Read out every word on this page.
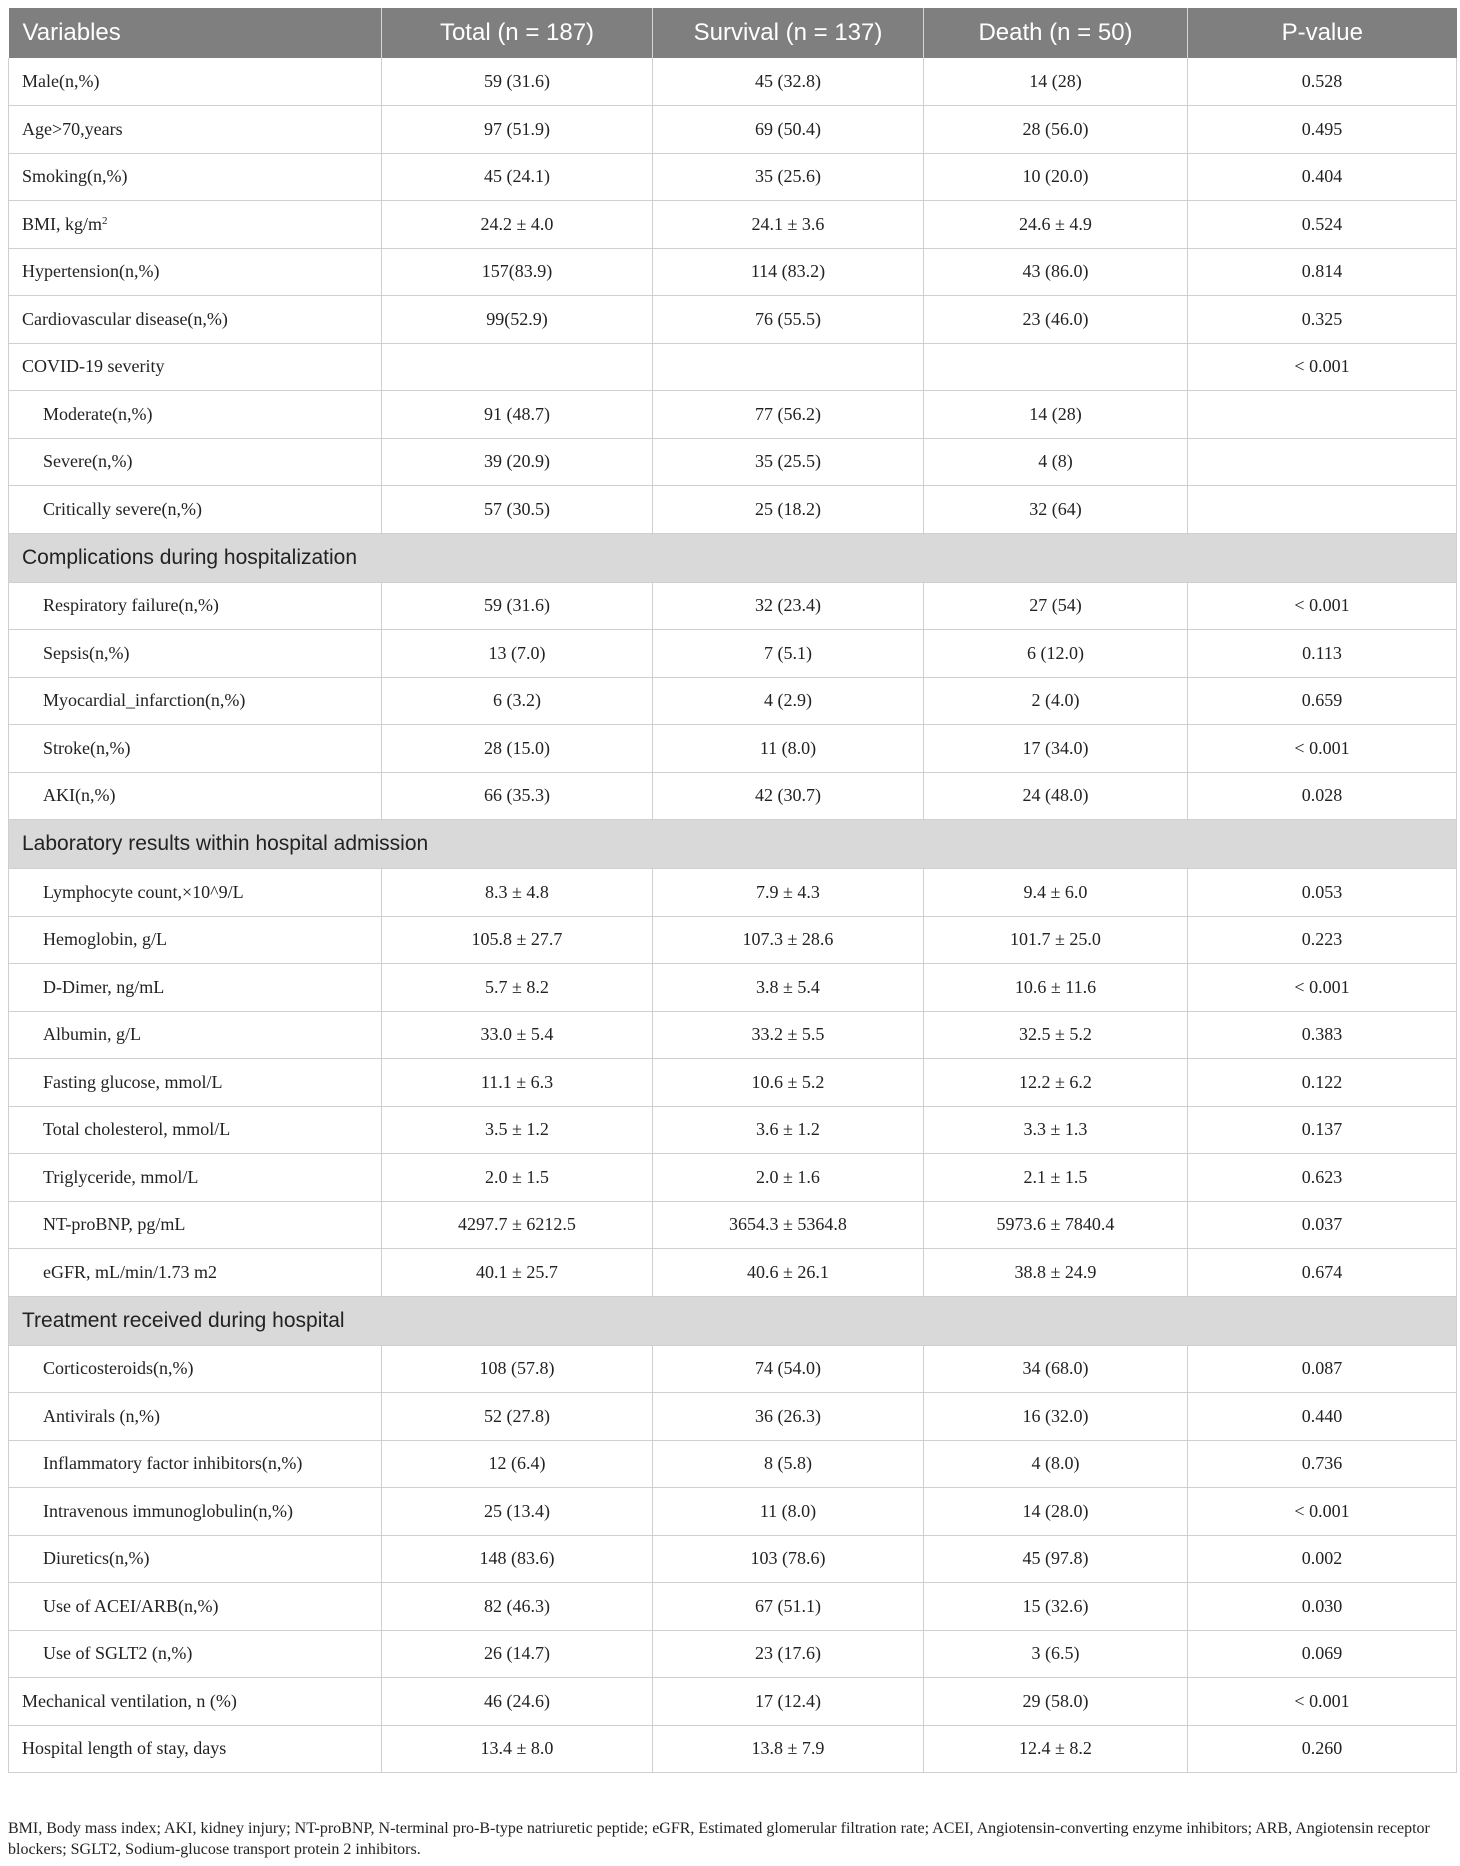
Variables	Total (n = 187)	Survival (n = 137)	Death (n = 50)	P-value
Male(n,%)	59 (31.6)	45 (32.8)	14 (28)	0.528
Age>70,years	97 (51.9)	69 (50.4)	28 (56.0)	0.495
Smoking(n,%)	45 (24.1)	35 (25.6)	10 (20.0)	0.404
BMI, $kg/m^2$	24.2 ± 4.0	24.1 ± 3.6	24.6 ± 4.9	0.524
Hypertension(n,%)	157(83.9)	114 (83.2)	43 (86.0)	0.814
Cardiovascular disease(n,%)	99(52.9)	76 (55.5)	23 (46.0)	0.325
COVID-19 severity				< 0.001
Moderate(n,%)	91 (48.7)	77 (56.2)	14 (28)	
Severe(n,%)	39 (20.9)	35 (25.5)	4 (8)	
Critically severe(n,%)	57 (30.5)	25 (18.2)	32 (64)	
Complications during hospitalization				
Respiratory failure(n,%)	59 (31.6)	32 (23.4)	27 (54)	< 0.001
Sepsis(n,%)	13 (7.0)	7 (5.1)	6 (12.0)	0.113
Myocardial_infarction(n,%)	6 (3.2)	4 (2.9)	2 (4.0)	0.659
Stroke(n,%)	28 (15.0)	11 (8.0)	17 (34.0)	< 0.001
AKI(n,%)	66 (35.3)	42 (30.7)	24 (48.0)	0.028
Laboratory results within hospital admission				
Lymphocyte count,×10^9/L	8.3 ± 4.8	7.9 ± 4.3	9.4 ± 6.0	0.053
Hemoglobin, g/L	105.8 ± 27.7	107.3 ± 28.6	101.7 ± 25.0	0.223
D-Dimer, ng/mL	5.7 ± 8.2	3.8 ± 5.4	10.6 ± 11.6	< 0.001
Albumin, g/L	33.0 ± 5.4	33.2 ± 5.5	32.5 ± 5.2	0.383
Fasting glucose, mmol/L	11.1 ± 6.3	10.6 ± 5.2	12.2 ± 6.2	0.122
Total cholesterol, mmol/L	3.5 ± 1.2	3.6 ± 1.2	3.3 ± 1.3	0.137
Triglyceride, mmol/L	2.0 ± 1.5	2.0 ± 1.6	2.1 ± 1.5	0.623
NT-proBNP, pg/mL	4297.7 ± 6212.5	3654.3 ± 5364.8	5973.6 ± 7840.4	0.037
eGFR, mL/min/1.73 m2	40.1 ± 25.7	40.6 ± 26.1	38.8 ± 24.9	0.674
Treatment received during hospital				
Corticosteroids(n,%)	108 (57.8)	74 (54.0)	34 (68.0)	0.087
Antivirals (n,%)	52 (27.8)	36 (26.3)	16 (32.0)	0.440
Inflammatory factor inhibitors(n,%)	12 (6.4)	8 (5.8)	4 (8.0)	0.736
Intravenous immunoglobulin(n,%)	25 (13.4)	11 (8.0)	14 (28.0)	< 0.001
Diuretics(n,%)	148 (83.6)	103 (78.6)	45 (97.8)	0.002
Use of ACEI/ARB(n,%)	82 (46.3)	67 (51.1)	15 (32.6)	0.030
Use of SGLT2 (n,%)	26 (14.7)	23 (17.6)	3 (6.5)	0.069
Mechanical ventilation, n (%)	46 (24.6)	17 (12.4)	29 (58.0)	< 0.001
Hospital length of stay, days	13.4 ± 8.0	13.8 ± 7.9	12.4 ± 8.2	0.260
BMI, Body mass index; AKI, kidney injury; NT-proBNP, N-terminal pro-B-type natriuretic peptide; eGFR, Estimated glomerular filtration rate; ACEI, Angiotensin-converting enzyme inhibitors; ARB, Angiotensin receptor blockers; SGLT2, Sodium-glucose transport protein 2 inhibitors.
